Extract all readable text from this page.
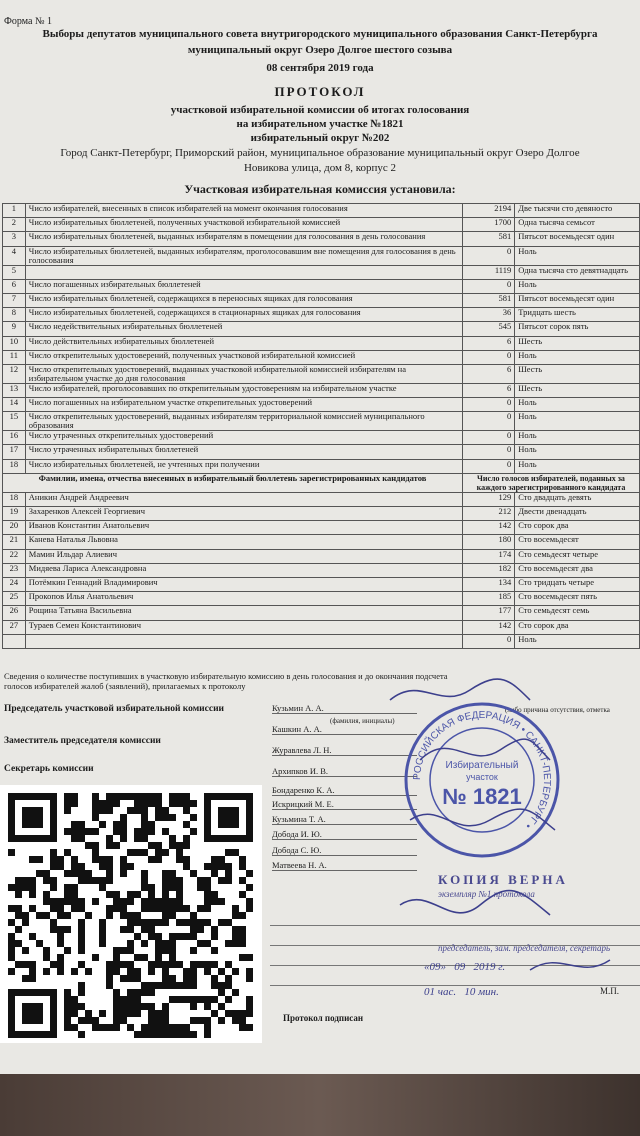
Форма № 1
Выборы депутатов муниципального совета внутригородского муниципального образования Санкт-Петербурга
муниципальный округ Озеро Долгое шестого созыва
08 сентября 2019 года
ПРОТОКОЛ
участковой избирательной комиссии об итогах голосования
на избирательном участке №1821
избирательный округ №202
Город Санкт-Петербург, Приморский район, муниципальное образование муниципальный округ Озеро Долгое
Новикова улица, дом 8, корпус 2
Участковая избирательная комиссия установила:
1	Число избирателей, внесенных в список избирателей на момент окончания голосования	2194	Две тысячи сто девяносто
2	Число избирательных бюллетеней, полученных участковой избирательной комиссией	1700	Одна тысяча семьсот
3	Число избирательных бюллетеней, выданных избирателям в помещении для голосования в день голосования	581	Пятьсот восемьдесят один
4	Число избирательных бюллетеней, выданных избирателям, проголосовавшим вне помещения для голосования в день голосования	0	Ноль
5		1119	Одна тысяча сто девятнадцать
6	Число погашенных избирательных бюллетеней	0	Ноль
7	Число избирательных бюллетеней, содержащихся в переносных ящиках для голосования	581	Пятьсот восемьдесят один
8	Число избирательных бюллетеней, содержащихся в стационарных ящиках для голосования	36	Тридцать шесть
9	Число недействительных избирательных бюллетеней	545	Пятьсот сорок пять
10	Число действительных избирательных бюллетеней	6	Шесть
11	Число открепительных удостоверений, полученных участковой избирательной комиссией	0	Ноль
12	Число открепительных удостоверений, выданных участковой избирательной комиссией избирателям на избирательном участке до дня голосования	6	Шесть
13	Число избирателей, проголосовавших по открепительным удостоверениям на избирательном участке	6	Шесть
14	Число погашенных на избирательном участке открепительных удостоверений	0	Ноль
15	Число открепительных удостоверений, выданных избирателям территориальной комиссией муниципального образования	0	Ноль
16	Число утраченных открепительных удостоверений	0	Ноль
17	Число утраченных избирательных бюллетеней	0	Ноль
18	Число избирательных бюллетеней, не учтенных при получении	0	Ноль
Фамилии, имена, отчества внесенных в избирательный бюллетень зарегистрированных кандидатов		Число голосов избирателей, поданных за каждого зарегистрированного кандидата	
18	Аникин Андрей Андреевич	129	Сто двадцать девять
19	Захаренков Алексей Георгиевич	212	Двести двенадцать
20	Иванов Константин Анатольевич	142	Сто сорок два
21	Канева Наталья Львовна	180	Сто восемьдесят
22	Мамин Ильдар Алиевич	174	Сто семьдесят четыре
23	Мидяева Лариса Александровна	182	Сто восемьдесят два
24	Потёмкин Геннадий Владимирович	134	Сто тридцать четыре
25	Прокопов Илья Анатольевич	185	Сто восемьдесят пять
26	Рощина Татьяна Васильевна	177	Сто семьдесят семь
27	Тураев Семен Константинович	142	Сто сорок два
		0	Ноль
Сведения о количестве поступивших в участковую избирательную комиссию в день голосования и до окончания подсчета голосов избирателей жалоб (заявлений), прилагаемых к протоколу
Председатель участковой избирательной комиссии
Заместитель председателя комиссии
Секретарь комиссии
(фамилия, инициалы)
(либо причина отсутствия, отметка
Кузьмин А. А.
Кашкин А. А.
Журавлева Л. Н.
Архипков И. В.
Бондаренко К. А.
Искрицкий М. Е.
Кузьмина Т. А.
Добода И. Ю.
Добода С. Ю.
Матвеева Н. А.
РОССИЙСКАЯ ФЕДЕРАЦИЯ • САНКТ-ПЕТЕРБУРГ •
Избирательный
участок
№ 1821
КОПИЯ ВЕРНА
экземпляр №1 протокола
председатель, зам. председателя, секретарь
«09»   09 2019 г.
01 час.   10 мин.	М.П.
Протокол подписан
